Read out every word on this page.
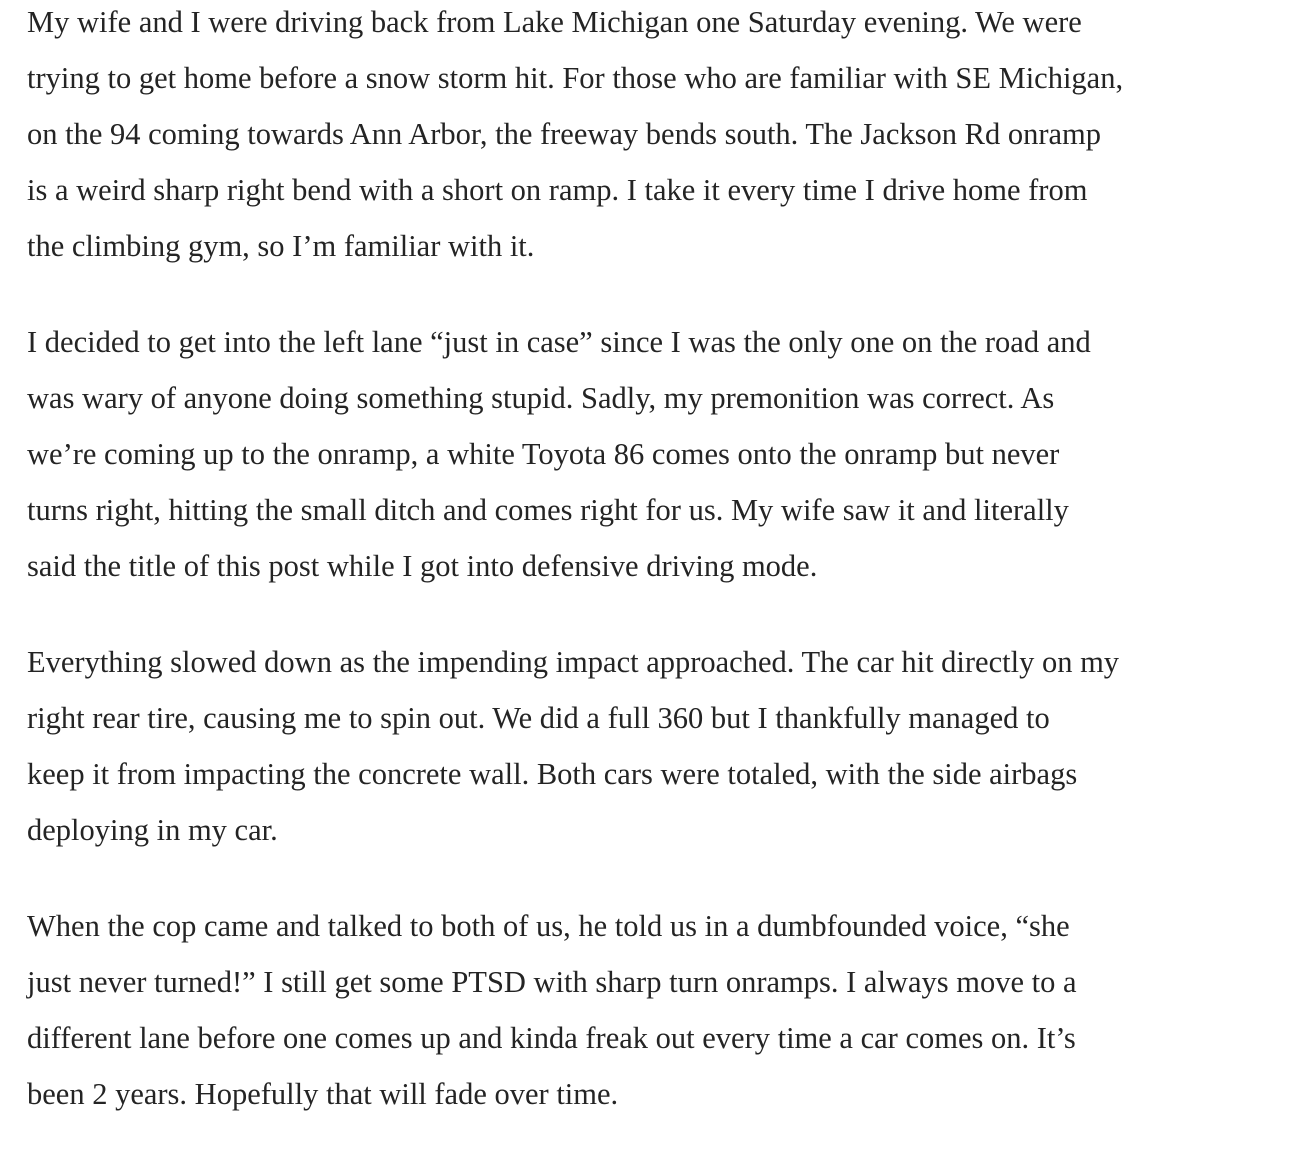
My wife and I were driving back from Lake Michigan one Saturday evening. We were
trying to get home before a snow storm hit. For those who are familiar with SE Michigan,
on the 94 coming towards Ann Arbor, the freeway bends south. The Jackson Rd onramp
is a weird sharp right bend with a short on ramp. I take it every time I drive home from
the climbing gym, so I’m familiar with it.

I decided to get into the left lane “just in case” since I was the only one on the road and
was wary of anyone doing something stupid. Sadly, my premonition was correct. As
we’re coming up to the onramp, a white Toyota 86 comes onto the onramp but never
turns right, hitting the small ditch and comes right for us. My wife saw it and literally
said the title of this post while I got into defensive driving mode.

Everything slowed down as the impending impact approached. The car hit directly on my
right rear tire, causing me to spin out. We did a full 360 but I thankfully managed to
keep it from impacting the concrete wall. Both cars were totaled, with the side airbags
deploying in my car.

When the cop came and talked to both of us, he told us in a dumbfounded voice, “she
just never turned!” I still get some PTSD with sharp turn onramps. I always move to a
different lane before one comes up and kinda freak out every time a car comes on. It’s
been 2 years. Hopefully that will fade over time.
